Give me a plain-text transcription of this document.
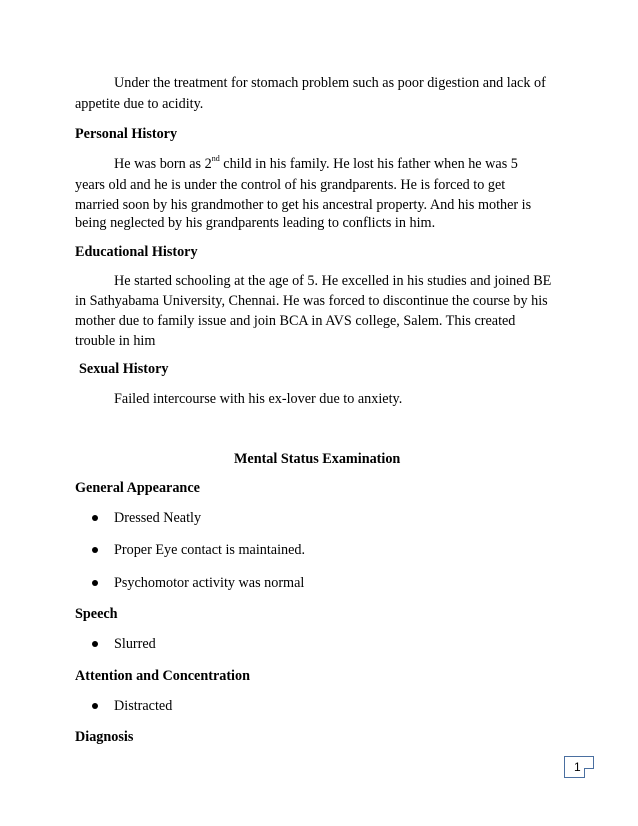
Under the treatment for stomach problem such as poor digestion and lack of
appetite due to acidity.
Personal History
He was born as 2nd child in his family. He lost his father when he was 5
years old and he is under the control of his grandparents. He is forced to get
married soon by his grandmother to get his ancestral property. And his mother is
being neglected by his grandparents leading to conflicts in him.
Educational History
He started schooling at the age of 5. He excelled in his studies and joined BE
in Sathyabama University, Chennai. He was forced to discontinue the course by his
mother due to family issue and join BCA in AVS college, Salem. This created
trouble in him
Sexual History
Failed intercourse with his ex-lover due to anxiety.
Mental Status Examination
General Appearance
Dressed Neatly
Proper Eye contact is maintained.
Psychomotor activity was normal
Speech
Slurred
Attention and Concentration
Distracted
Diagnosis
1
